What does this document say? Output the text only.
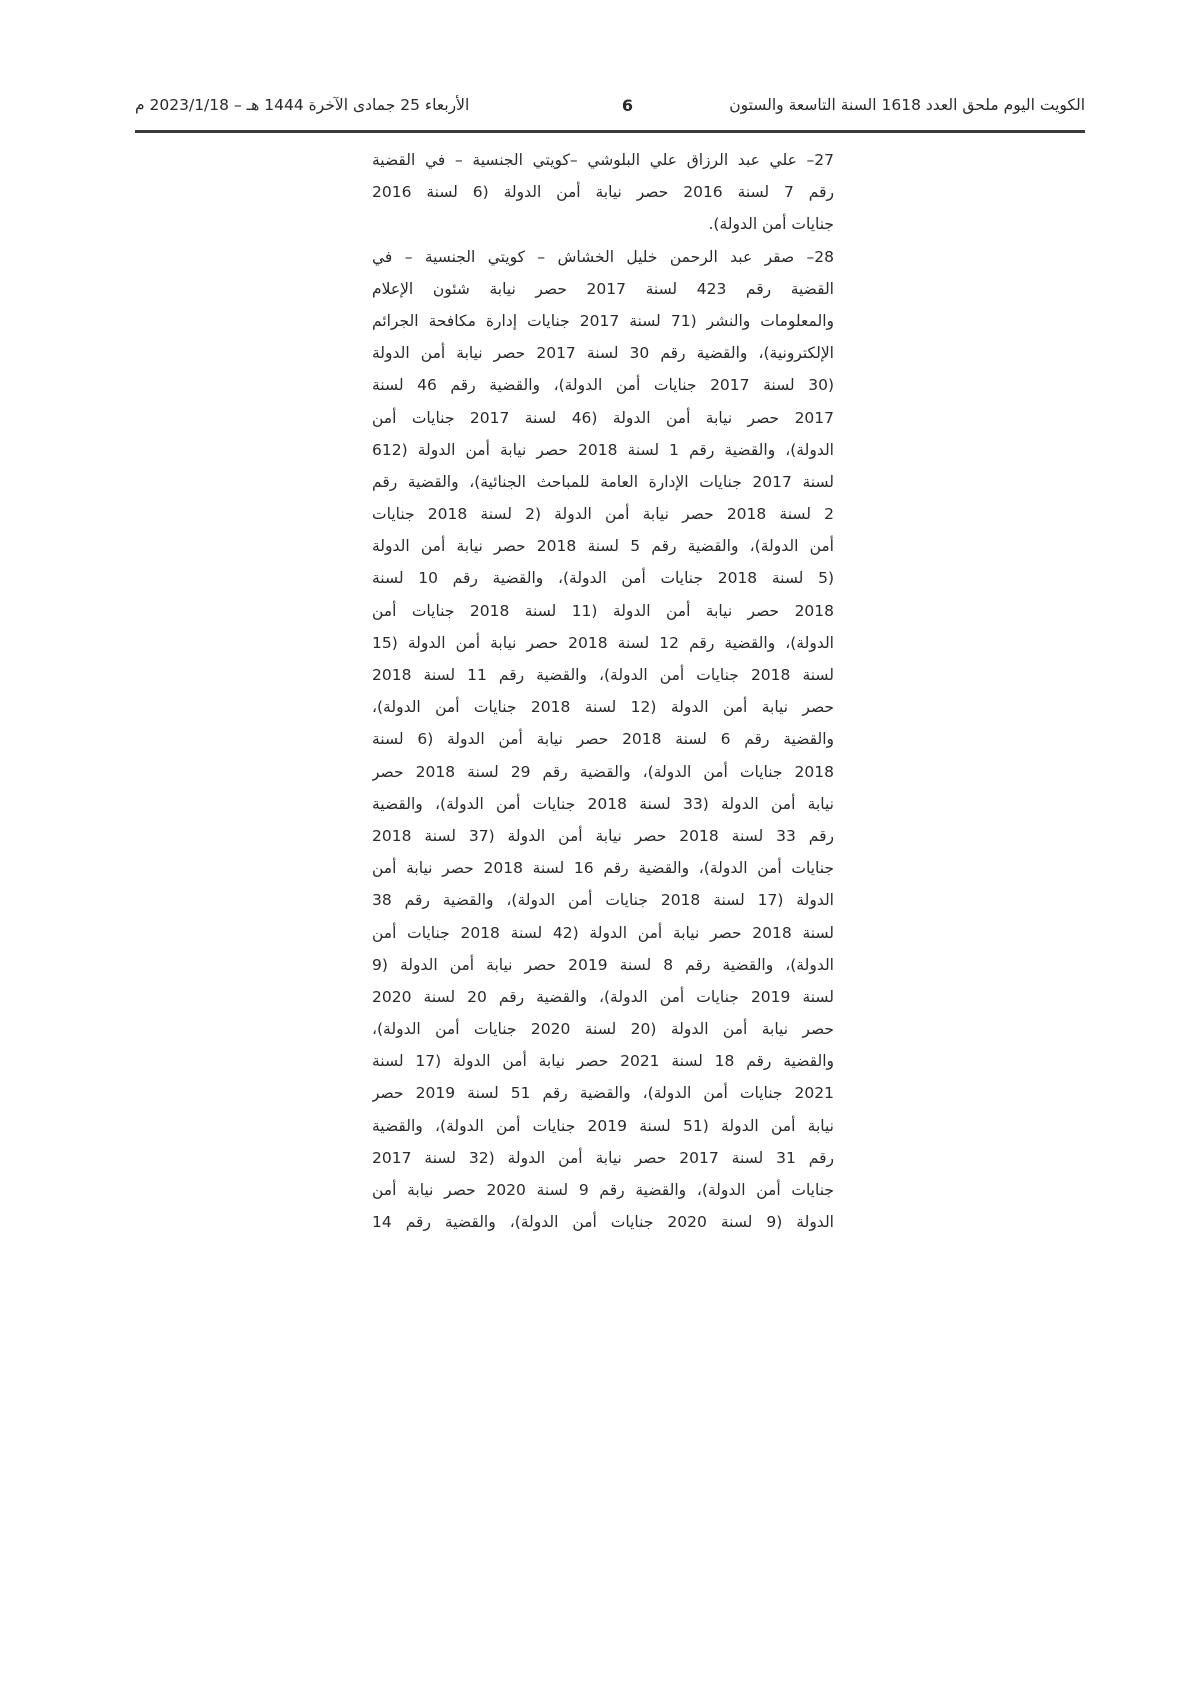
الكويت اليوم ملحق العدد 1618 السنة التاسعة والستون
6
الأربعاء 25 جمادى الآخرة 1444 هـ – 2023/1/18 م
27– علي عبد الرزاق علي البلوشي –كويتي الجنسية – في القضية
رقم 7 لسنة 2016 حصر نيابة أمن الدولة (6 لسنة 2016
جنايات أمن الدولة).
28– صقر عبد الرحمن خليل الخشاش – كويتي الجنسية – في
القضية رقم 423 لسنة 2017 حصر نيابة شئون الإعلام
والمعلومات والنشر (71 لسنة 2017 جنايات إدارة مكافحة الجرائم
الإلكترونية)، والقضية رقم 30 لسنة 2017 حصر نيابة أمن الدولة
(30 لسنة 2017 جنايات أمن الدولة)، والقضية رقم 46 لسنة
2017 حصر نيابة أمن الدولة (46 لسنة 2017 جنايات أمن
الدولة)، والقضية رقم 1 لسنة 2018 حصر نيابة أمن الدولة (612
لسنة 2017 جنايات الإدارة العامة للمباحث الجنائية)، والقضية رقم
2 لسنة 2018 حصر نيابة أمن الدولة (2 لسنة 2018 جنايات
أمن الدولة)، والقضية رقم 5 لسنة 2018 حصر نيابة أمن الدولة
(5 لسنة 2018 جنايات أمن الدولة)، والقضية رقم 10 لسنة
2018 حصر نيابة أمن الدولة (11 لسنة 2018 جنايات أمن
الدولة)، والقضية رقم 12 لسنة 2018 حصر نيابة أمن الدولة (15
لسنة 2018 جنايات أمن الدولة)، والقضية رقم 11 لسنة 2018
حصر نيابة أمن الدولة (12 لسنة 2018 جنايات أمن الدولة)،
والقضية رقم 6 لسنة 2018 حصر نيابة أمن الدولة (6 لسنة
2018 جنايات أمن الدولة)، والقضية رقم 29 لسنة 2018 حصر
نيابة أمن الدولة (33 لسنة 2018 جنايات أمن الدولة)، والقضية
رقم 33 لسنة 2018 حصر نيابة أمن الدولة (37 لسنة 2018
جنايات أمن الدولة)، والقضية رقم 16 لسنة 2018 حصر نيابة أمن
الدولة (17 لسنة 2018 جنايات أمن الدولة)، والقضية رقم 38
لسنة 2018 حصر نيابة أمن الدولة (42 لسنة 2018 جنايات أمن
الدولة)، والقضية رقم 8 لسنة 2019 حصر نيابة أمن الدولة (9
لسنة 2019 جنايات أمن الدولة)، والقضية رقم 20 لسنة 2020
حصر نيابة أمن الدولة (20 لسنة 2020 جنايات أمن الدولة)،
والقضية رقم 18 لسنة 2021 حصر نيابة أمن الدولة (17 لسنة
2021 جنايات أمن الدولة)، والقضية رقم 51 لسنة 2019 حصر
نيابة أمن الدولة (51 لسنة 2019 جنايات أمن الدولة)، والقضية
رقم 31 لسنة 2017 حصر نيابة أمن الدولة (32 لسنة 2017
جنايات أمن الدولة)، والقضية رقم 9 لسنة 2020 حصر نيابة أمن
الدولة (9 لسنة 2020 جنايات أمن الدولة)، والقضية رقم 14
